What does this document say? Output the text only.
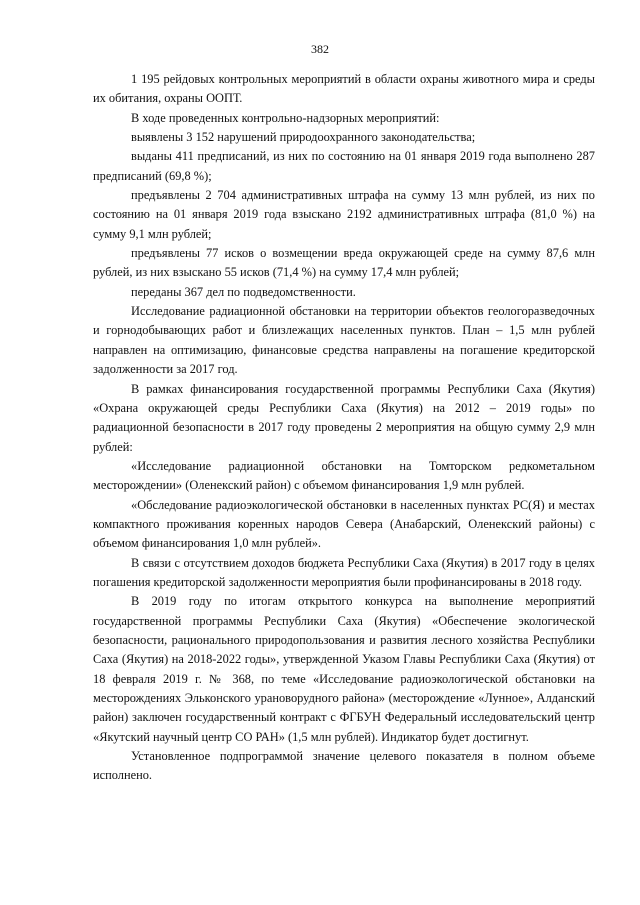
382

1 195 рейдовых контрольных мероприятий в области охраны животного мира и среды их обитания, охраны ООПТ.

В ходе проведенных контрольно-надзорных мероприятий:

выявлены 3 152 нарушений природоохранного законодательства;

выданы 411 предписаний, из них по состоянию на 01 января 2019 года выполнено 287 предписаний (69,8 %);

предъявлены 2 704 административных штрафа на сумму 13 млн рублей, из них по состоянию на 01 января 2019 года взыскано 2192 административных штрафа (81,0 %) на сумму 9,1 млн рублей;

предъявлены 77 исков о возмещении вреда окружающей среде на сумму 87,6 млн рублей, из них взыскано 55 исков (71,4 %) на сумму 17,4 млн рублей;

переданы 367 дел по подведомственности.

Исследование радиационной обстановки на территории объектов геологоразведочных и горнодобывающих работ и близлежащих населенных пунктов. План – 1,5 млн рублей направлен на оптимизацию, финансовые средства направлены на погашение кредиторской задолженности за 2017 год.

В рамках финансирования государственной программы Республики Саха (Якутия) «Охрана окружающей среды Республики Саха (Якутия) на 2012 – 2019 годы» по радиационной безопасности в 2017 году проведены 2 мероприятия на общую сумму 2,9 млн рублей:

«Исследование радиационной обстановки на Томторском редкометальном месторождении» (Оленекский район) с объемом финансирования 1,9 млн рублей.

«Обследование радиоэкологической обстановки в населенных пунктах РС(Я) и местах компактного проживания коренных народов Севера (Анабарский, Оленекский районы) с объемом финансирования 1,0 млн рублей».

В связи с отсутствием доходов бюджета Республики Саха (Якутия) в 2017 году в целях погашения кредиторской задолженности мероприятия были профинансированы в 2018 году.

В 2019 году по итогам открытого конкурса на выполнение мероприятий государственной программы Республики Саха (Якутия) «Обеспечение экологической безопасности, рационального природопользования и развития лесного хозяйства Республики Саха (Якутия) на 2018-2022 годы», утвержденной Указом Главы Республики Саха (Якутия) от 18 февраля 2019 г. № 368, по теме «Исследование радиоэкологической обстановки на месторождениях Эльконского урановорудного района» (месторождение «Лунное», Алданский район) заключен государственный контракт с ФГБУН Федеральный исследовательский центр «Якутский научный центр СО РАН» (1,5 млн рублей). Индикатор будет достигнут.

Установленное подпрограммой значение целевого показателя в полном объеме исполнено.
